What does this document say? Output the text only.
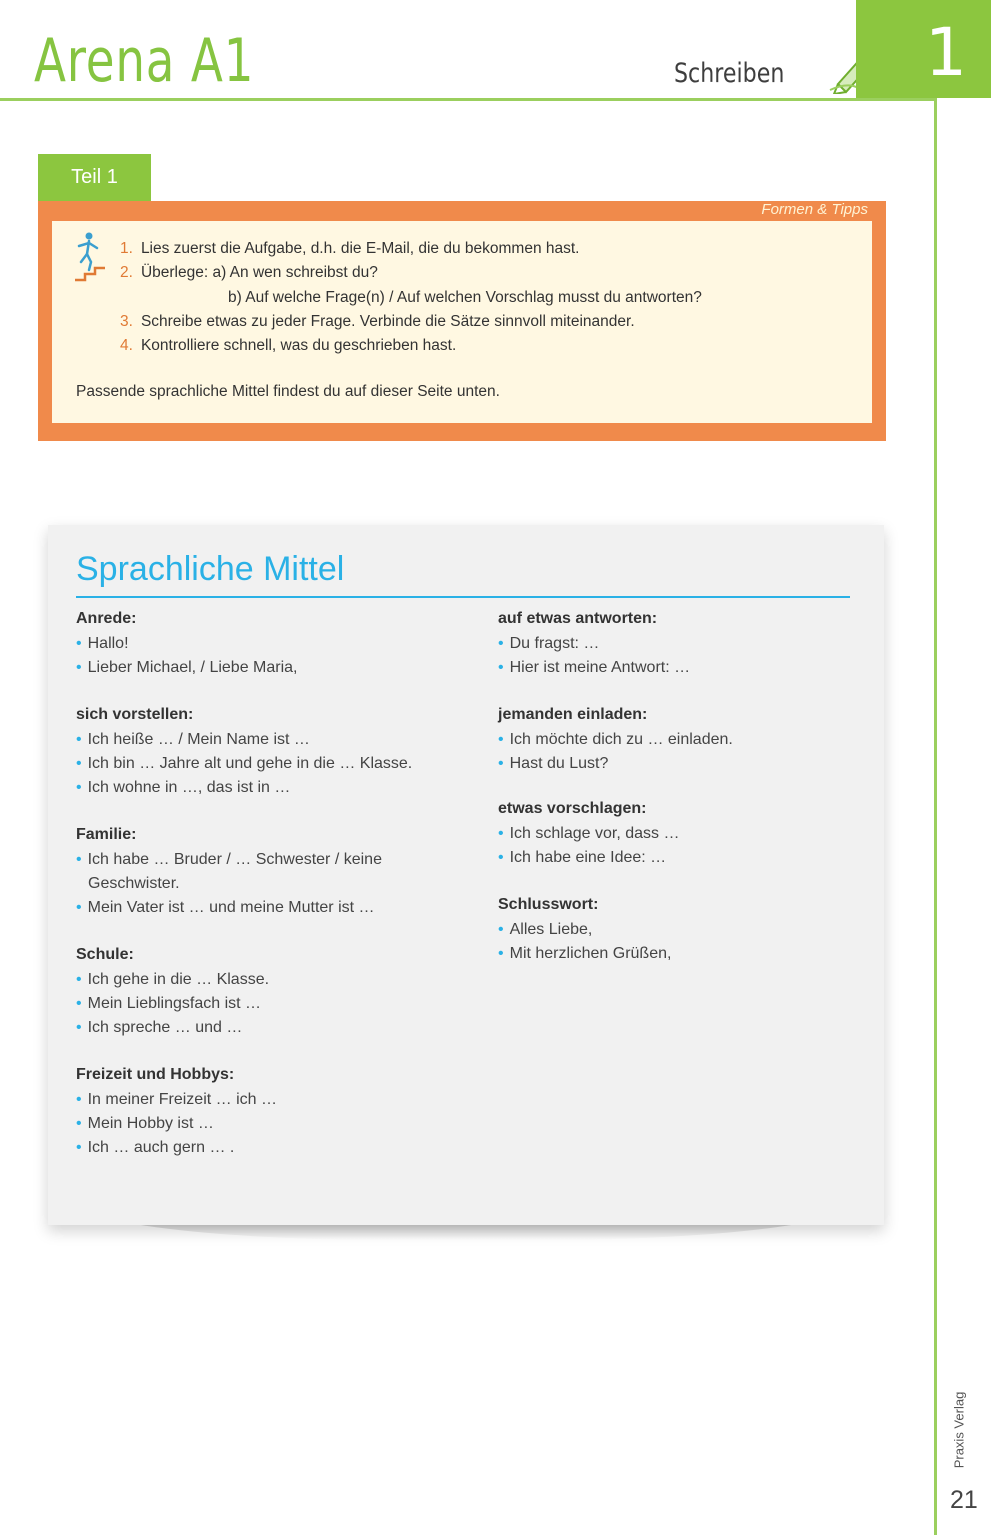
Arena A1	Schreiben 1
Teil 1
Formen & Tipps
1. Lies zuerst die Aufgabe, d.h. die E-Mail, die du bekommen hast.
2. Überlege: a) An wen schreibst du?
b) Auf welche Frage(n) / Auf welchen Vorschlag musst du antworten?
3. Schreibe etwas zu jeder Frage. Verbinde die Sätze sinnvoll miteinander.
4. Kontrolliere schnell, was du geschrieben hast.
Passende sprachliche Mittel findest du auf dieser Seite unten.
Sprachliche Mittel
Anrede:
• Hallo!
• Lieber Michael, / Liebe Maria,
sich vorstellen:
• Ich heiße … / Mein Name ist …
• Ich bin … Jahre alt und gehe in die … Klasse.
• Ich wohne in …, das ist in …
Familie:
• Ich habe … Bruder / … Schwester / keine
Geschwister.
• Mein Vater ist … und meine Mutter ist …
Schule:
• Ich gehe in die … Klasse.
• Mein Lieblingsfach ist …
• Ich spreche … und …
Freizeit und Hobbys:
• In meiner Freizeit … ich …
• Mein Hobby ist …
• Ich … auch gern … .
auf etwas antworten:
• Du fragst: …
• Hier ist meine Antwort: …
jemanden einladen:
• Ich möchte dich zu … einladen.
• Hast du Lust?
etwas vorschlagen:
• Ich schlage vor, dass …
• Ich habe eine Idee: …
Schlusswort:
• Alles Liebe,
• Mit herzlichen Grüßen,
Praxis Verlag
21
